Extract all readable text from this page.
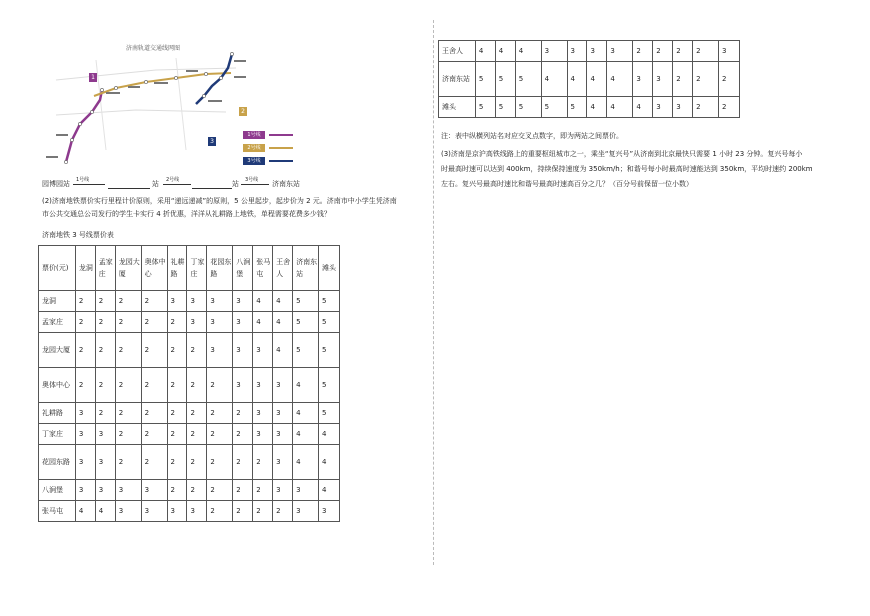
济南轨道交通线网图
1
2
3
1号线
2号线
3号线
园博园站 1号线	站 2号线	站 3号线 济南东站
(2)济南地铁票价实行里程计价原则，采用“递远递减”的原则，5 公里起步，起步价为 2 元。济南市中小学生凭济南
市公共交通总公司发行的学生卡实行 4 折优惠，洋洋从礼耕路上地铁，单程需要花费多少钱？
济南地铁 3 号线票价表
票价(元)	龙洞	孟家庄	龙园大厦	奥体中心	礼耕路	丁家庄	花园东路	八涧堡	张马屯	王舍人	济南东站	滩头
龙洞	2	2	2	2	3	3	3	3	4	4	5	5
孟家庄	2	2	2	2	2	3	3	3	4	4	5	5
龙园大厦	2	2	2	2	2	2	3	3	3	4	5	5
奥体中心	2	2	2	2	2	2	2	3	3	3	4	5
礼耕路	3	2	2	2	2	2	2	2	3	3	4	5
丁家庄	3	3	2	2	2	2	2	2	3	3	4	4
花园东路	3	3	2	2	2	2	2	2	2	3	4	4
八涧堡	3	3	3	3	2	2	2	2	2	3	3	4
张马屯	4	4	3	3	3	3	2	2	2	2	3	3
王舍人	4	4	4	3	3	3	3	2	2	2	2	3
济南东站	5	5	5	4	4	4	4	3	3	2	2	2
滩头	5	5	5	5	5	4	4	4	3	3	2	2
注：表中纵横列站名对应交叉点数字，即为两站之间票价。
(3)济南是京沪高铁线路上的重要枢纽城市之一，乘坐“复兴号”从济南到北京最快只需要 1 小时 23 分钟。复兴号每小
时最高时速可以达到 400km，持续保持速度为 350km/h；和谐号每小时最高时速能达到 350km，平均时速约 200km
左右。复兴号最高时速比和谐号最高时速高百分之几？（百分号前保留一位小数）
